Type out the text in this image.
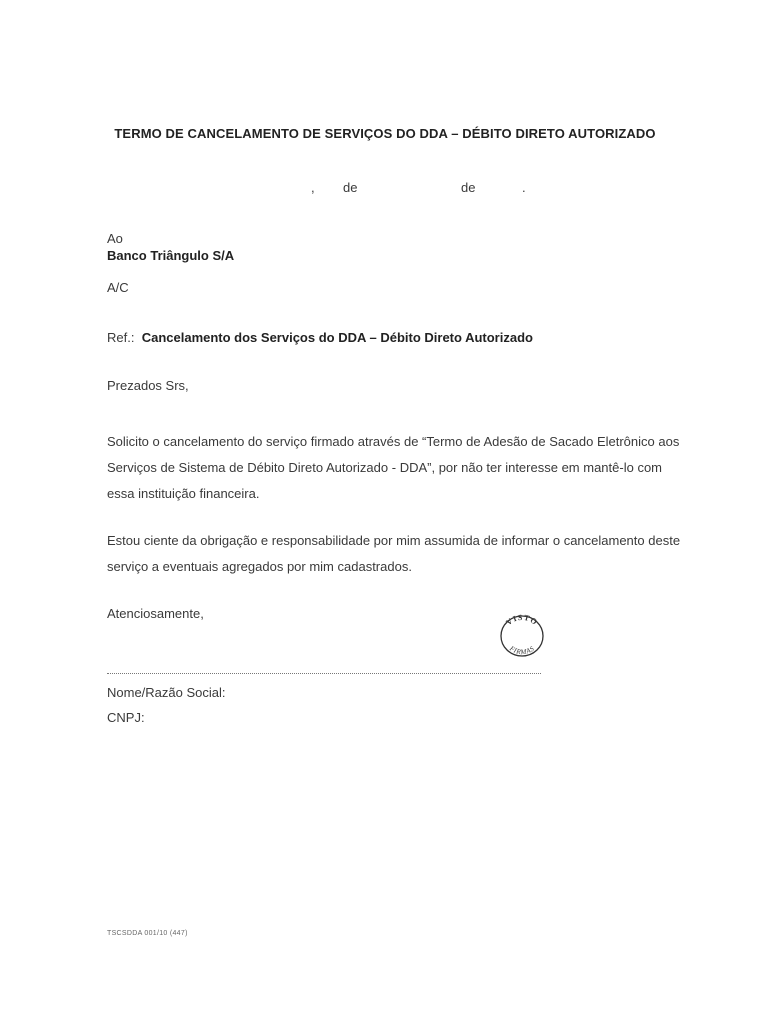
TERMO DE CANCELAMENTO DE SERVIÇOS DO DDA – DÉBITO DIRETO AUTORIZADO
, de	de	.
Ao
Banco Triângulo S/A
A/C
Ref.: Cancelamento dos Serviços do DDA – Débito Direto Autorizado
Prezados Srs,
Solicito o cancelamento do serviço firmado através de “Termo de Adesão de Sacado Eletrônico aos
Serviços de Sistema de Débito Direto Autorizado - DDA”, por não ter interesse em mantê-lo com
essa instituição financeira.
Estou ciente da obrigação e responsabilidade por mim assumida de informar o cancelamento deste
serviço a eventuais agregados por mim cadastrados.
Atenciosamente,
VISTO
FIRMAS
Nome/Razão Social:
CNPJ:
TSCSDDA 001/10 (447)
